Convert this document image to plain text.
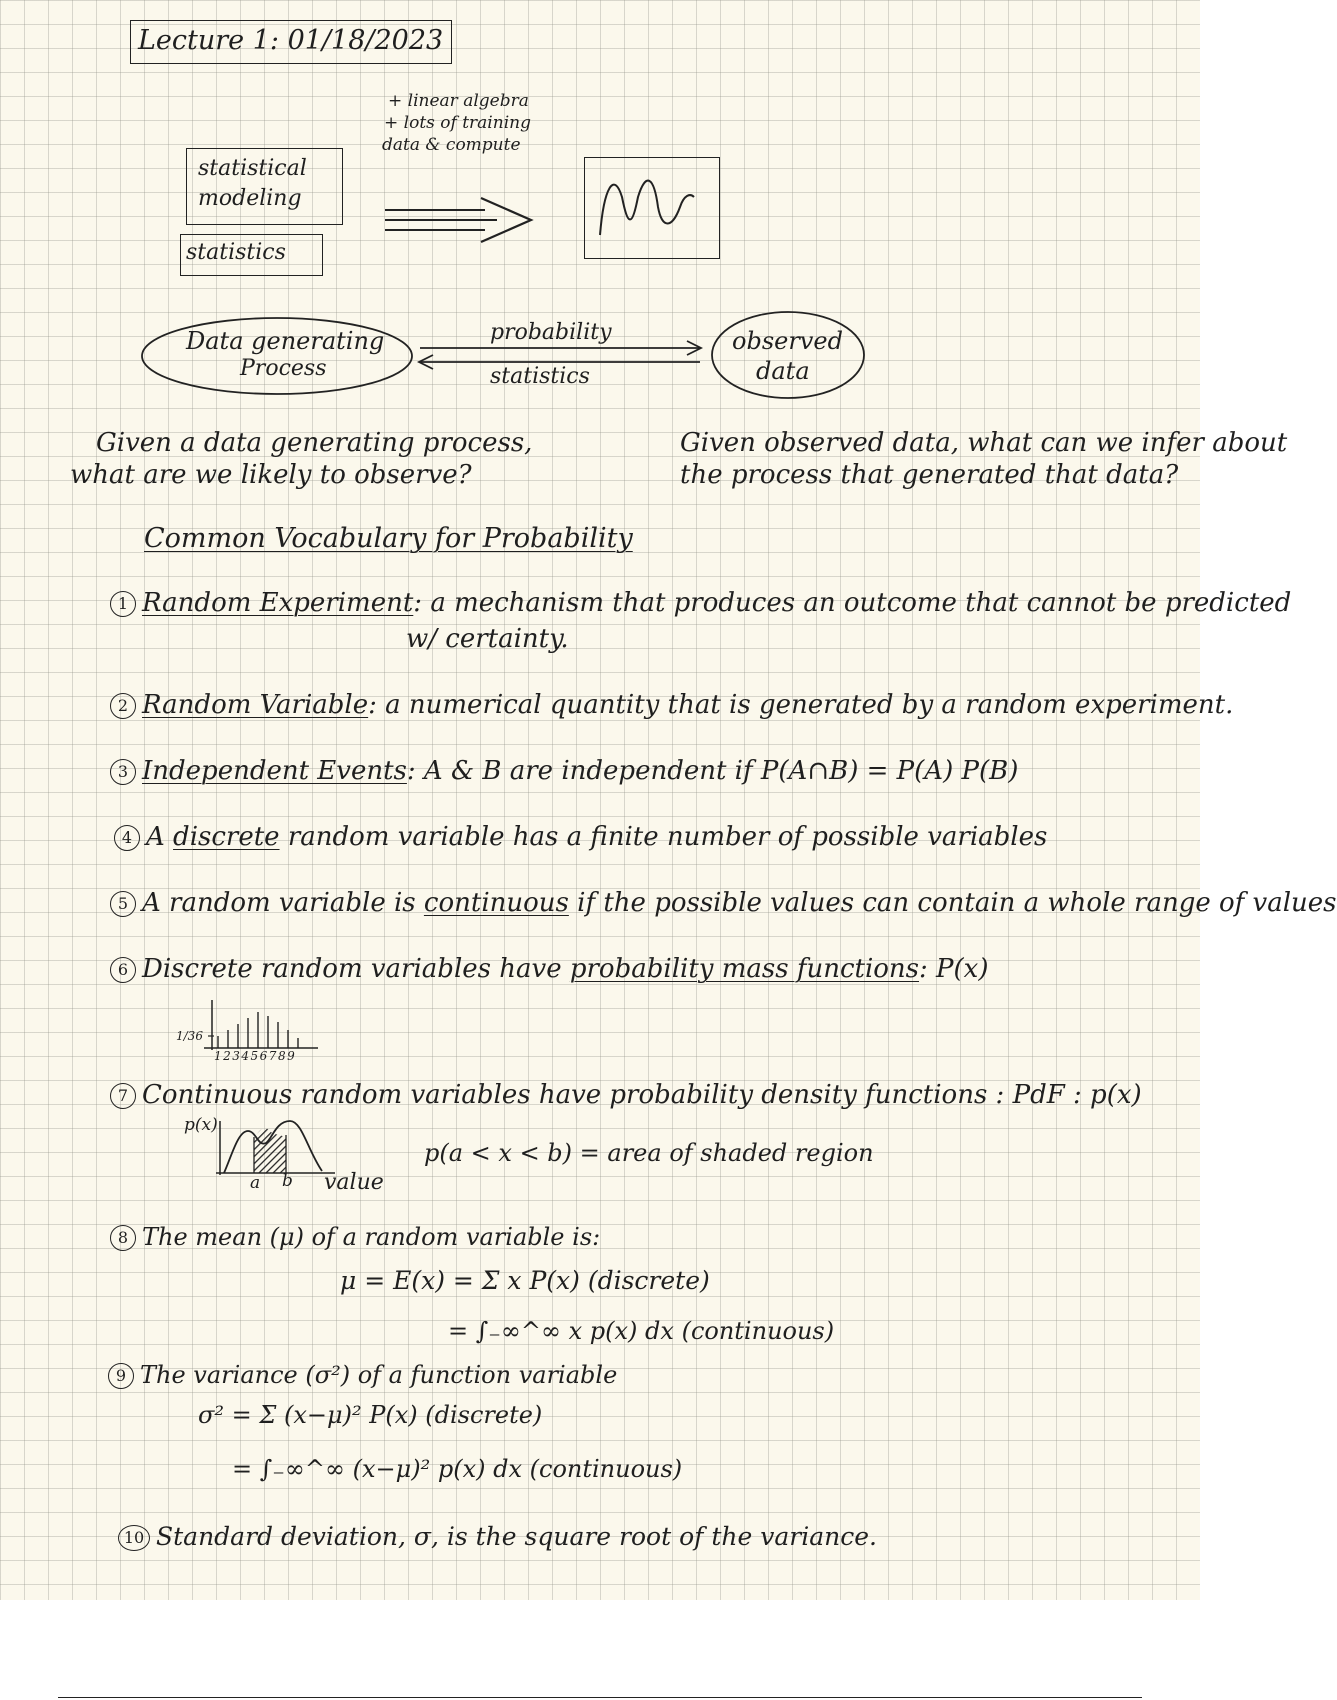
Lecture 1: 01/18/2023
+ linear algebra
+ lots of training
data & compute
statistical
modeling
statistics
Data generating
Process
observed
data
probability
statistics
Given a data generating process,
what are we likely to observe?
Given observed data, what can we infer about
the process that generated that data?
Common Vocabulary for Probability
1 Random Experiment: a mechanism that produces an outcome that cannot be predicted
w/ certainty.
2 Random Variable: a numerical quantity that is generated by a random experiment.
3 Independent Events: A & B are independent if P(A∩B) = P(A) P(B)
4 A discrete random variable has a finite number of possible variables
5 A random variable is continuous if the possible values can contain a whole range of values
6 Discrete random variables have probability mass functions: P(x)
1/36
123456789
7 Continuous random variables have probability density functions : PdF : p(x)
p(x)
a b value
p(a < x < b) = area of shaded region
8 The mean (μ) of a random variable is:
μ = E(x) = Σ x P(x) (discrete)
= ∫₋∞^∞ x p(x) dx (continuous)
9 The variance (σ²) of a function variable
σ² = Σ (x−μ)² P(x) (discrete)
= ∫₋∞^∞ (x−μ)² p(x) dx (continuous)
10 Standard deviation, σ, is the square root of the variance.
